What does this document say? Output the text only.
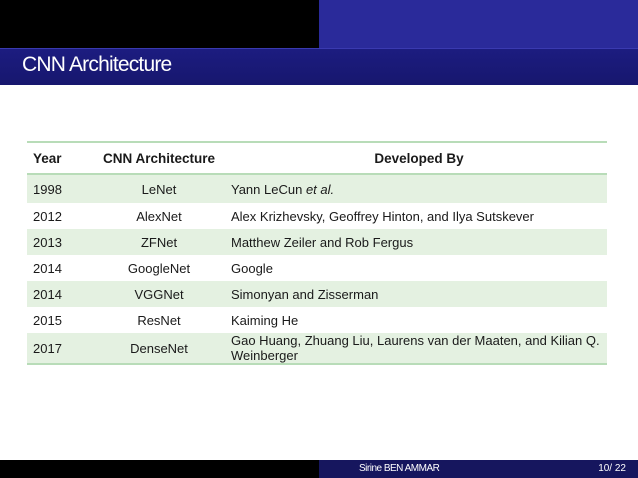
CNN Architecture
Year	CNN Architecture	Developed By
1998	LeNet	Yann LeCun et al.
2012	AlexNet	Alex Krizhevsky, Geoffrey Hinton, and Ilya Sutskever
2013	ZFNet	Matthew Zeiler and Rob Fergus
2014	GoogleNet	Google
2014	VGGNet	Simonyan and Zisserman
2015	ResNet	Kaiming He
2017	DenseNet	Gao Huang, Zhuang Liu, Laurens van der Maaten, and Kilian Q. Weinberger
Sirine BEN AMMAR	10/ 22
